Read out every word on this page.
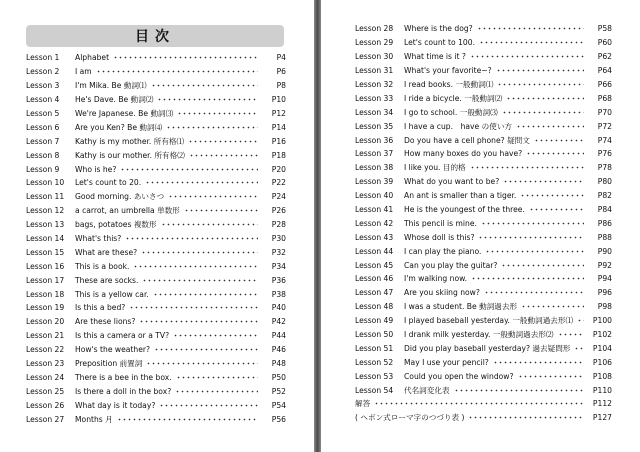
目次
Lesson 1	Alphabet	P4
Lesson 2	I am	P6
Lesson 3	I'm Mika. Be 動詞⑴	P8
Lesson 4	He's Dave. Be 動詞⑵	P10
Lesson 5	We're Japanese. Be 動詞⑶	P12
Lesson 6	Are you Ken? Be 動詞⑷	P14
Lesson 7	Kathy is my mother. 所有格⑴	P16
Lesson 8	Kathy is our mother. 所有格⑵	P18
Lesson 9	Who is he?	P20
Lesson 10	Let's count to 20.	P22
Lesson 11	Good morning. あいさつ	P24
Lesson 12	a carrot, an umbrella 単数形	P26
Lesson 13	bags, potatoes 複数形	P28
Lesson 14	What's this?	P30
Lesson 15	What are these?	P32
Lesson 16	This is a book.	P34
Lesson 17	These are socks.	P36
Lesson 18	This is a yellow car.	P38
Lesson 19	Is this a bed?	P40
Lesson 20	Are these lions?	P42
Lesson 21	Is this a camera or a TV?	P44
Lesson 22	How's the weather?	P46
Lesson 23	Preposition 前置詞	P48
Lesson 24	There is a bee in the box.	P50
Lesson 25	Is there a doll in the box?	P52
Lesson 26	What day is it today?	P54
Lesson 27	Months 月	P56
Lesson 28	Where is the dog?	P58
Lesson 29	Let's count to 100.	P60
Lesson 30	What time is it ?	P62
Lesson 31	What's your favorite~?	P64
Lesson 32	I read books. 一般動詞⑴	P66
Lesson 33	I ride a bicycle. 一般動詞⑵	P68
Lesson 34	I go to school. 一般動詞⑶	P70
Lesson 35	I have a cup.　have の使い方	P72
Lesson 36	Do you have a cell phone? 疑問文	P74
Lesson 37	How many boxes do you have?	P76
Lesson 38	I like you. 目的格	P78
Lesson 39	What do you want to be?	P80
Lesson 40	An ant is smaller than a tiger.	P82
Lesson 41	He is the youngest of the three.	P84
Lesson 42	This pencil is mine.	P86
Lesson 43	Whose doll is this?	P88
Lesson 44	I can play the piano.	P90
Lesson 45	Can you play the guitar?	P92
Lesson 46	I'm walking now.	P94
Lesson 47	Are you skiing now?	P96
Lesson 48	I was a student. Be 動詞過去形	P98
Lesson 49	I played baseball yesterday. 一般動詞過去形⑴	P100
Lesson 50	I drank milk yesterday. 一般動詞過去形⑵	P102
Lesson 51	Did you play baseball yesterday? 過去疑問形	P104
Lesson 52	May I use your pencil?	P106
Lesson 53	Could you open the window?	P108
Lesson 54	代名詞変化表	P110
解答	P112
( ヘボン式ローマ字のつづり表 )	P127
